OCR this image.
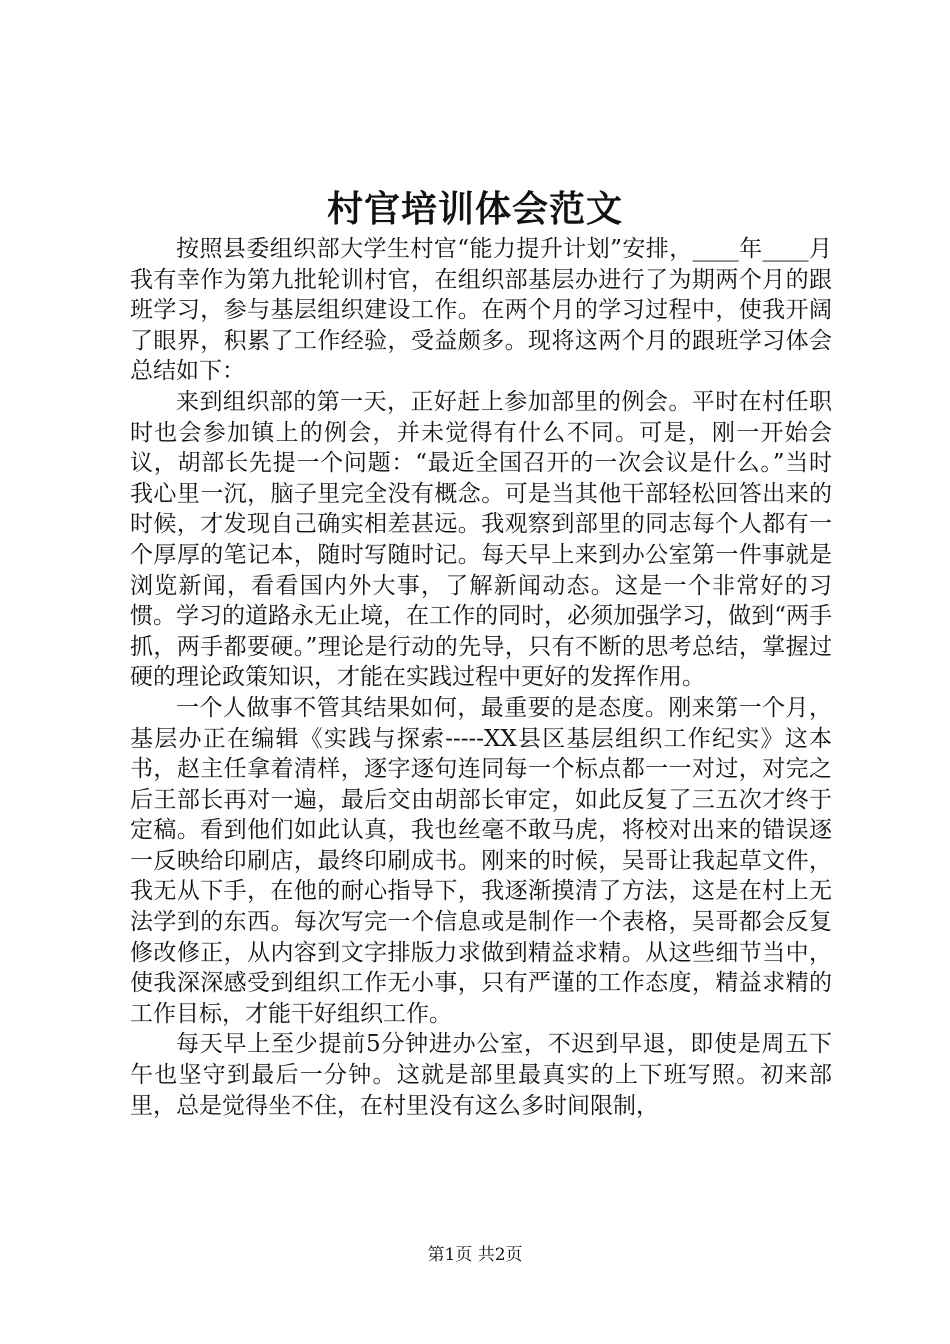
村官培训体会范文

按照县委组织部大学生村官“能力提升计划”安排，____年____月我有幸作为第九批轮训村官，在组织部基层办进行了为期两个月的跟班学习，参与基层组织建设工作。在两个月的学习过程中，使我开阔了眼界，积累了工作经验，受益颇多。现将这两个月的跟班学习体会总结如下：

来到组织部的第一天，正好赶上参加部里的例会。平时在村任职时也会参加镇上的例会，并未觉得有什么不同。可是，刚一开始会议，胡部长先提一个问题：“最近全国召开的一次会议是什么。”当时我心里一沉，脑子里完全没有概念。可是当其他干部轻松回答出来的时候，才发现自己确实相差甚远。我观察到部里的同志每个人都有一个厚厚的笔记本，随时写随时记。每天早上来到办公室第一件事就是浏览新闻，看看国内外大事，了解新闻动态。这是一个非常好的习惯。学习的道路永无止境，在工作的同时，必须加强学习，做到“两手抓，两手都要硬。”理论是行动的先导，只有不断的思考总结，掌握过硬的理论政策知识，才能在实践过程中更好的发挥作用。

一个人做事不管其结果如何，最重要的是态度。刚来第一个月，基层办正在编辑《实践与探索-----XX县区基层组织工作纪实》这本书，赵主任拿着清样，逐字逐句连同每一个标点都一一对过，对完之后王部长再对一遍，最后交由胡部长审定，如此反复了三五次才终于定稿。看到他们如此认真，我也丝毫不敢马虎，将校对出来的错误逐一反映给印刷店，最终印刷成书。刚来的时候，吴哥让我起草文件，我无从下手，在他的耐心指导下，我逐渐摸清了方法，这是在村上无法学到的东西。每次写完一个信息或是制作一个表格，吴哥都会反复修改修正，从内容到文字排版力求做到精益求精。从这些细节当中，使我深深感受到组织工作无小事，只有严谨的工作态度，精益求精的工作目标，才能干好组织工作。

每天早上至少提前5分钟进办公室，不迟到早退，即使是周五下午也坚守到最后一分钟。这就是部里最真实的上下班写照。初来部里，总是觉得坐不住，在村里没有这么多时间限制，

第1页 共2页
